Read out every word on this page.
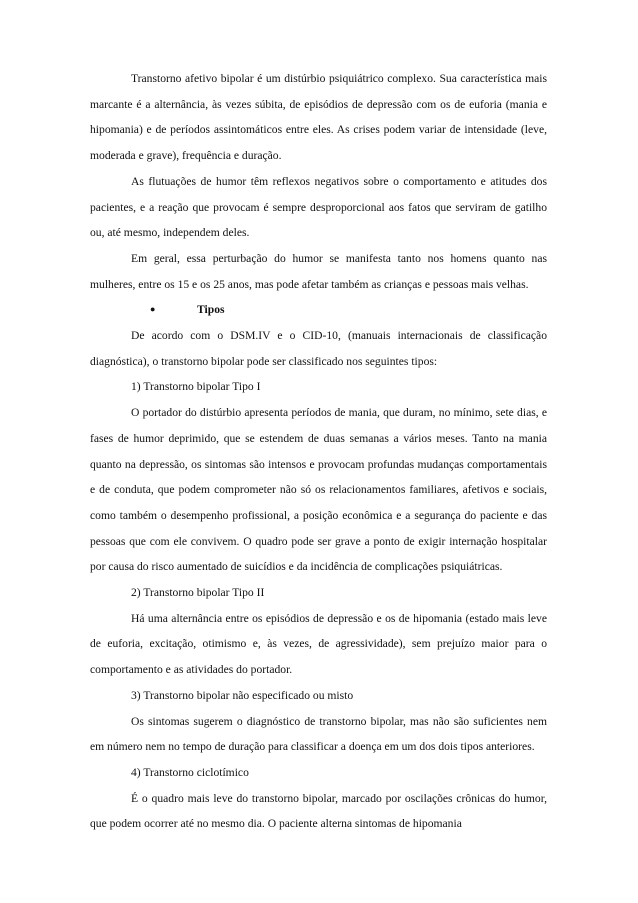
Transtorno afetivo bipolar é um distúrbio psiquiátrico complexo. Sua característica mais marcante é a alternância, às vezes súbita, de episódios de depressão com os de euforia (mania e hipomania) e de períodos assintomáticos entre eles. As crises podem variar de intensidade (leve, moderada e grave), frequência e duração.

As flutuações de humor têm reflexos negativos sobre o comportamento e atitudes dos pacientes, e a reação que provocam é sempre desproporcional aos fatos que serviram de gatilho ou, até mesmo, independem deles.

Em geral, essa perturbação do humor se manifesta tanto nos homens quanto nas mulheres, entre os 15 e os 25 anos, mas pode afetar também as crianças e pessoas mais velhas.

●	Tipos

De acordo com o DSM.IV e o CID-10, (manuais internacionais de classificação diagnóstica), o transtorno bipolar pode ser classificado nos seguintes tipos:

1) Transtorno bipolar Tipo I

O portador do distúrbio apresenta períodos de mania, que duram, no mínimo, sete dias, e fases de humor deprimido, que se estendem de duas semanas a vários meses. Tanto na mania quanto na depressão, os sintomas são intensos e provocam profundas mudanças comportamentais e de conduta, que podem comprometer não só os relacionamentos familiares, afetivos e sociais, como também o desempenho profissional, a posição econômica e a segurança do paciente e das pessoas que com ele convivem. O quadro pode ser grave a ponto de exigir internação hospitalar por causa do risco aumentado de suicídios e da incidência de complicações psiquiátricas.

2) Transtorno bipolar Tipo II

Há uma alternância entre os episódios de depressão e os de hipomania (estado mais leve de euforia, excitação, otimismo e, às vezes, de agressividade), sem prejuízo maior para o comportamento e as atividades do portador.

3) Transtorno bipolar não especificado ou misto

Os sintomas sugerem o diagnóstico de transtorno bipolar, mas não são suficientes nem em número nem no tempo de duração para classificar a doença em um dos dois tipos anteriores.

4) Transtorno ciclotímico

É o quadro mais leve do transtorno bipolar, marcado por oscilações crônicas do humor, que podem ocorrer até no mesmo dia. O paciente alterna sintomas de hipomania
